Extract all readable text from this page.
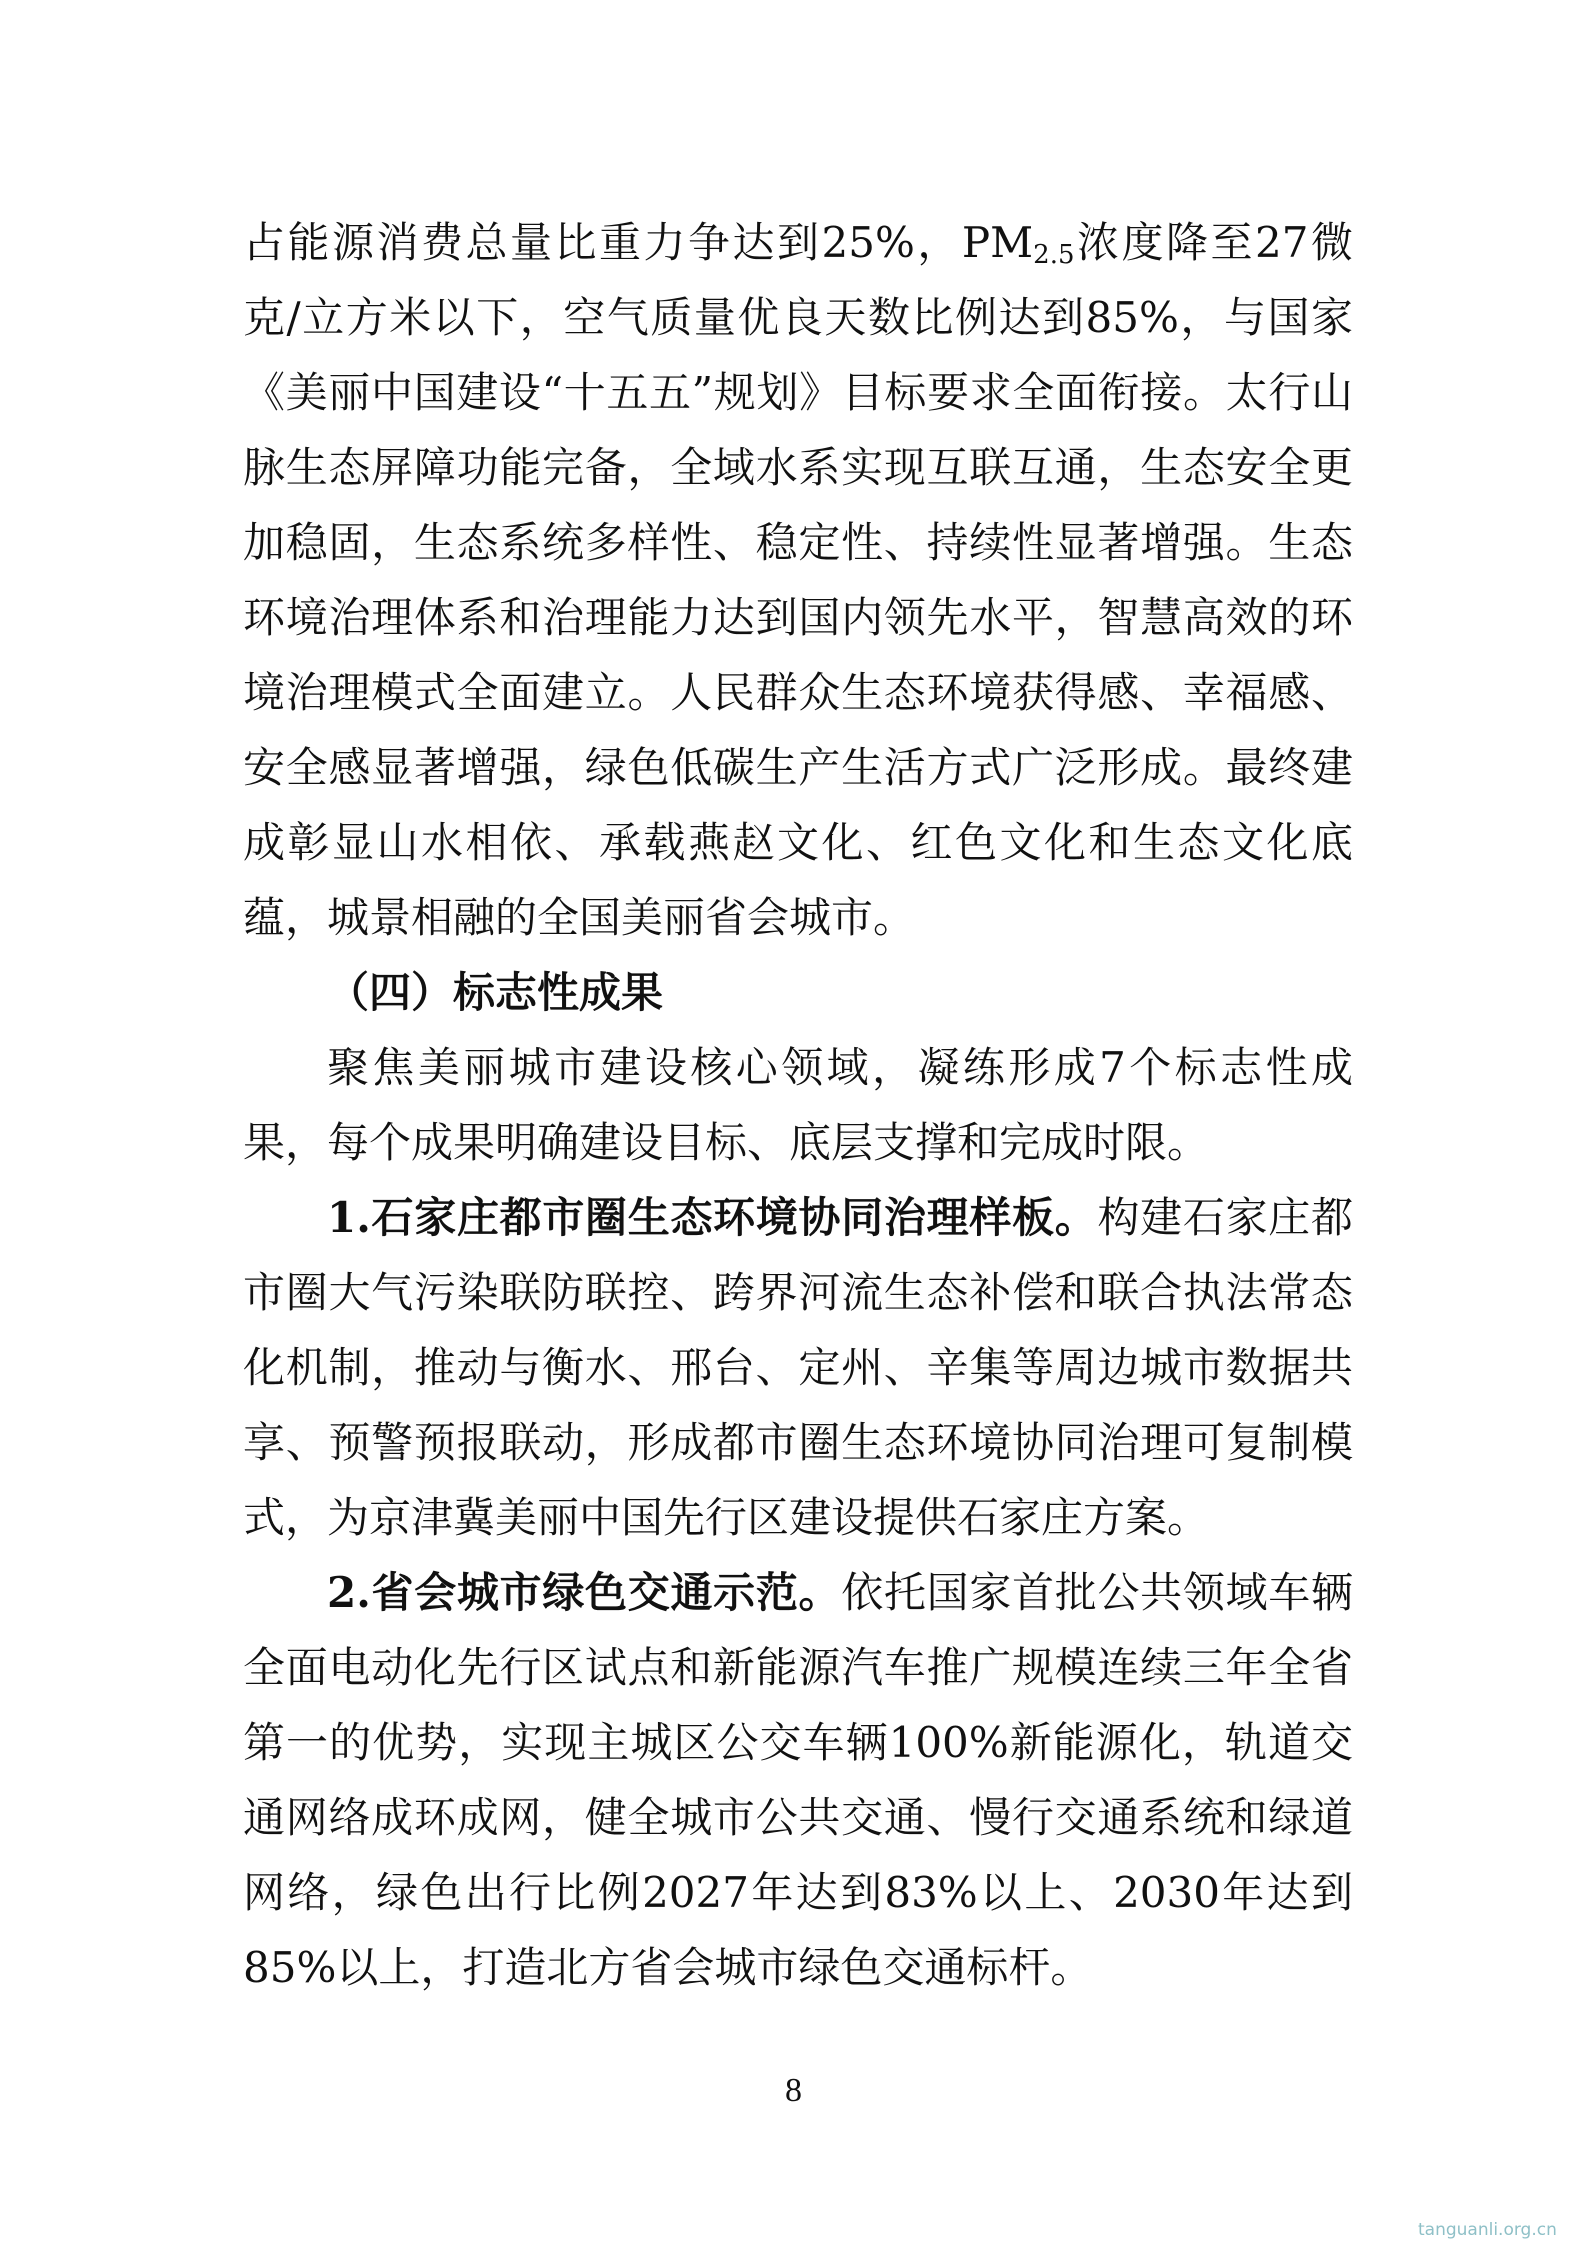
占能源消费总量比重力争达到25%，$PM_{2.5}$浓度降至27微克/立方米以下，空气质量优良天数比例达到85%，与国家《美丽中国建设“十五五”规划》目标要求全面衔接。太行山脉生态屏障功能完备，全域水系实现互联互通，生态安全更加稳固，生态系统多样性、稳定性、持续性显著增强。生态环境治理体系和治理能力达到国内领先水平，智慧高效的环境治理模式全面建立。人民群众生态环境获得感、幸福感、安全感显著增强，绿色低碳生产生活方式广泛形成。最终建成彰显山水相依、承载燕赵文化、红色文化和生态文化底蕴，城景相融的全国美丽省会城市。

（四）标志性成果

聚焦美丽城市建设核心领域，凝练形成7个标志性成果，每个成果明确建设目标、底层支撑和完成时限。

1.石家庄都市圈生态环境协同治理样板。构建石家庄都市圈大气污染联防联控、跨界河流生态补偿和联合执法常态化机制，推动与衡水、邢台、定州、辛集等周边城市数据共享、预警预报联动，形成都市圈生态环境协同治理可复制模式，为京津冀美丽中国先行区建设提供石家庄方案。

2.省会城市绿色交通示范。依托国家首批公共领域车辆全面电动化先行区试点和新能源汽车推广规模连续三年全省第一的优势，实现主城区公交车辆100%新能源化，轨道交通网络成环成网，健全城市公共交通、慢行交通系统和绿道网络，绿色出行比例2027年达到83%以上、2030年达到85%以上，打造北方省会城市绿色交通标杆。

8
tanguanli.org.cn
